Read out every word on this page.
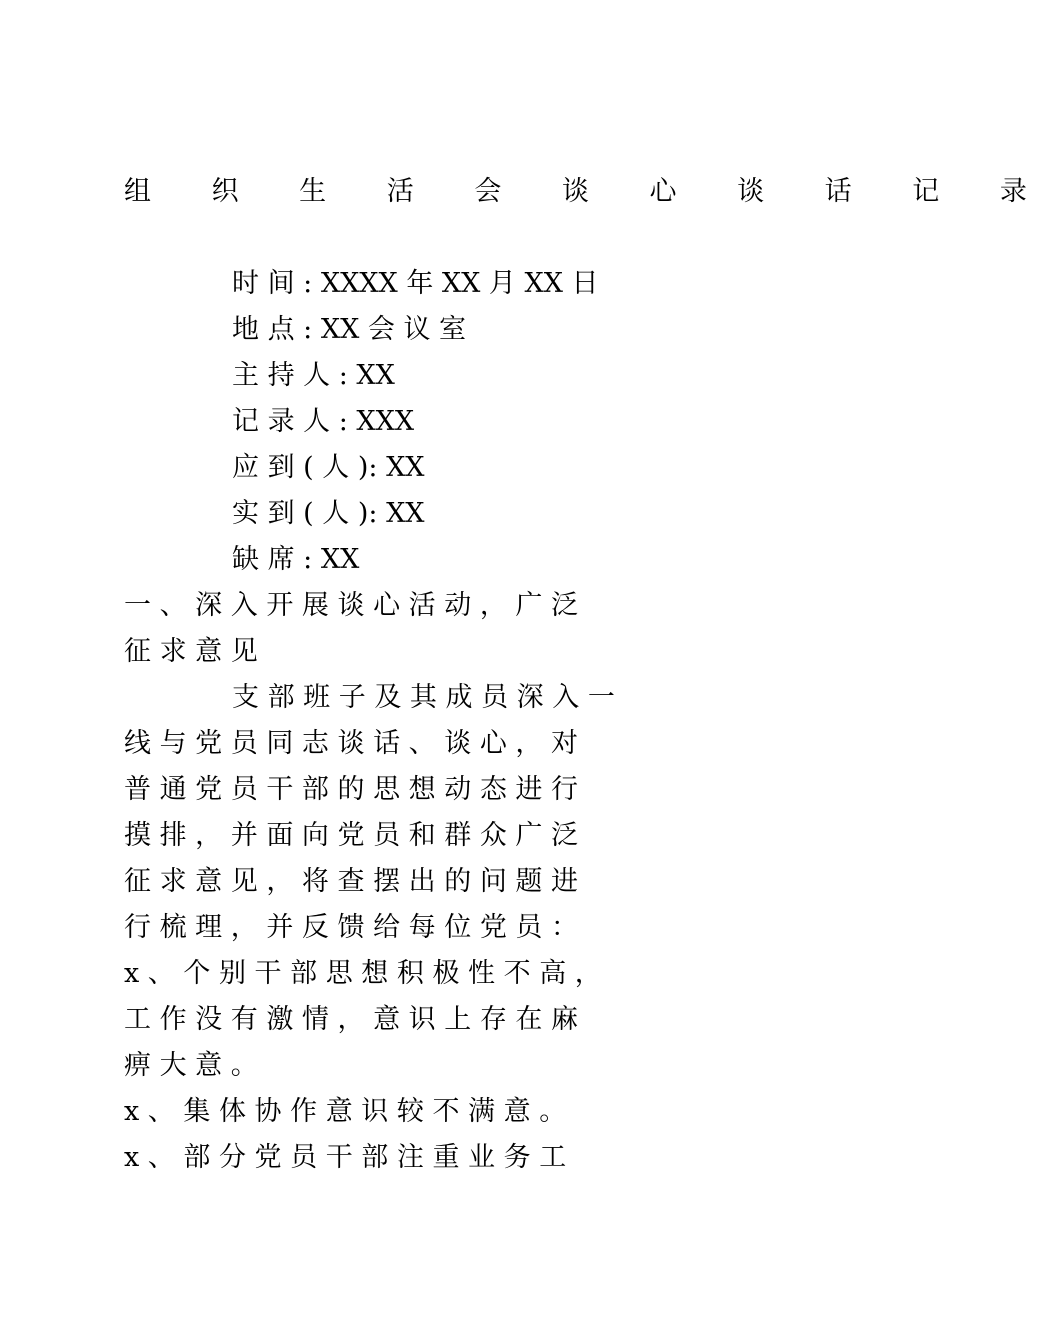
组 织 生 活 会 谈 心 谈 话 记 录
时 间 : XXXX 年 XX 月 XX 日
地 点 : XX 会 议 室
主 持 人 : XX
记 录 人 : XXX
应 到 ( 人 ): XX
实 到 ( 人 ): XX
缺 席 : XX
一 、 深 入 开 展 谈 心 活 动 ， 广 泛
征 求 意 见
支 部 班 子 及 其 成 员 深 入 一
线 与 党 员 同 志 谈 话 、 谈 心 ， 对
普 通 党 员 干 部 的 思 想 动 态 进 行
摸 排 ， 并 面 向 党 员 和 群 众 广 泛
征 求 意 见 ， 将 查 摆 出 的 问 题 进
行 梳 理 ， 并 反 馈 给 每 位 党 员 ：
x 、 个 别 干 部 思 想 积 极 性 不 高 ，
工 作 没 有 激 情 ， 意 识 上 存 在 麻
痹 大 意 。
x 、 集 体 协 作 意 识 较 不 满 意 。
x 、 部 分 党 员 干 部 注 重 业 务 工
